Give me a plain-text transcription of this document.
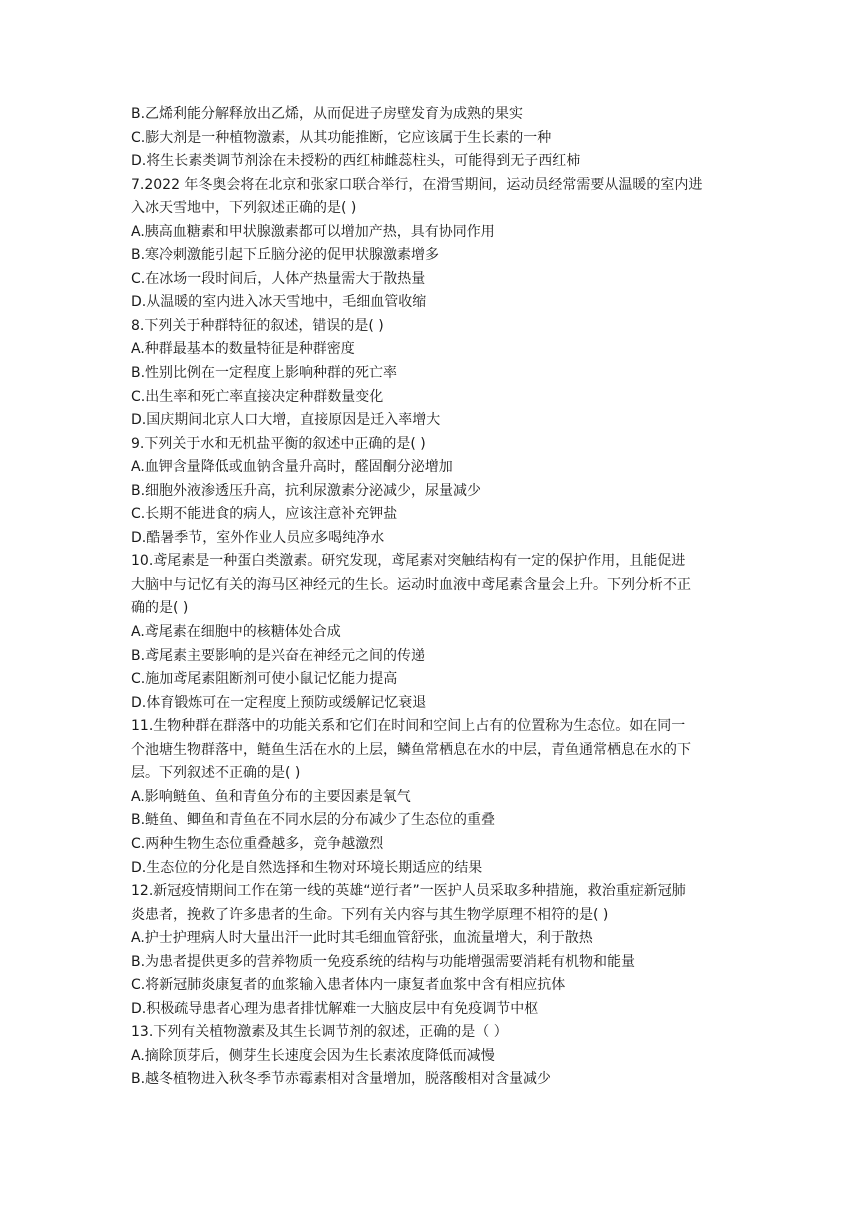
B.乙烯利能分解释放出乙烯，从而促进子房壁发育为成熟的果实
C.膨大剂是一种植物激素，从其功能推断，它应该属于生长素的一种
D.将生长素类调节剂涂在未授粉的西红柿雌蕊柱头，可能得到无子西红柿
7.2022 年冬奥会将在北京和张家口联合举行，在滑雪期间，运动员经常需要从温暖的室内进
入冰天雪地中，下列叙述正确的是( )
A.胰高血糖素和甲状腺激素都可以增加产热，具有协同作用
B.寒冷刺激能引起下丘脑分泌的促甲状腺激素增多
C.在冰场一段时间后，人体产热量需大于散热量
D.从温暖的室内进入冰天雪地中，毛细血管收缩
8.下列关于种群特征的叙述，错误的是( )
A.种群最基本的数量特征是种群密度
B.性别比例在一定程度上影响种群的死亡率
C.出生率和死亡率直接决定种群数量变化
D.国庆期间北京人口大增，直接原因是迁入率增大
9.下列关于水和无机盐平衡的叙述中正确的是( )
A.血钾含量降低或血钠含量升高时，醛固酮分泌增加
B.细胞外液渗透压升高，抗利尿激素分泌减少，尿量减少
C.长期不能进食的病人，应该注意补充钾盐
D.酷暑季节，室外作业人员应多喝纯净水
10.鸢尾素是一种蛋白类激素。研究发现，鸢尾素对突触结构有一定的保护作用，且能促进
大脑中与记忆有关的海马区神经元的生长。运动时血液中鸢尾素含量会上升。下列分析不正
确的是( )
A.鸢尾素在细胞中的核糖体处合成
B.鸢尾素主要影响的是兴奋在神经元之间的传递
C.施加鸢尾素阻断剂可使小鼠记忆能力提高
D.体育锻炼可在一定程度上预防或缓解记忆衰退
11.生物种群在群落中的功能关系和它们在时间和空间上占有的位置称为生态位。如在同一
个池塘生物群落中，鲢鱼生活在水的上层，鳞鱼常栖息在水的中层，青鱼通常栖息在水的下
层。下列叙述不正确的是( )
A.影响鲢鱼、鱼和青鱼分布的主要因素是氧气
B.鲢鱼、鲫鱼和青鱼在不同水层的分布减少了生态位的重叠
C.两种生物生态位重叠越多，竞争越激烈
D.生态位的分化是自然选择和生物对环境长期适应的结果
12.新冠疫情期间工作在第一线的英雄“逆行者”一医护人员采取多种措施，救治重症新冠肺
炎患者，挽救了许多患者的生命。下列有关内容与其生物学原理不相符的是( )
A.护士护理病人时大量出汗一此时其毛细血管舒张，血流量增大，利于散热
B.为患者提供更多的营养物质一免疫系统的结构与功能增强需要消耗有机物和能量
C.将新冠肺炎康复者的血浆输入患者体内一康复者血浆中含有相应抗体
D.积极疏导患者心理为患者排忧解难一大脑皮层中有免疫调节中枢
13.下列有关植物激素及其生长调节剂的叙述，正确的是（ ）
A.摘除顶芽后，侧芽生长速度会因为生长素浓度降低而减慢
B.越冬植物进入秋冬季节赤霉素相对含量增加，脱落酸相对含量减少
